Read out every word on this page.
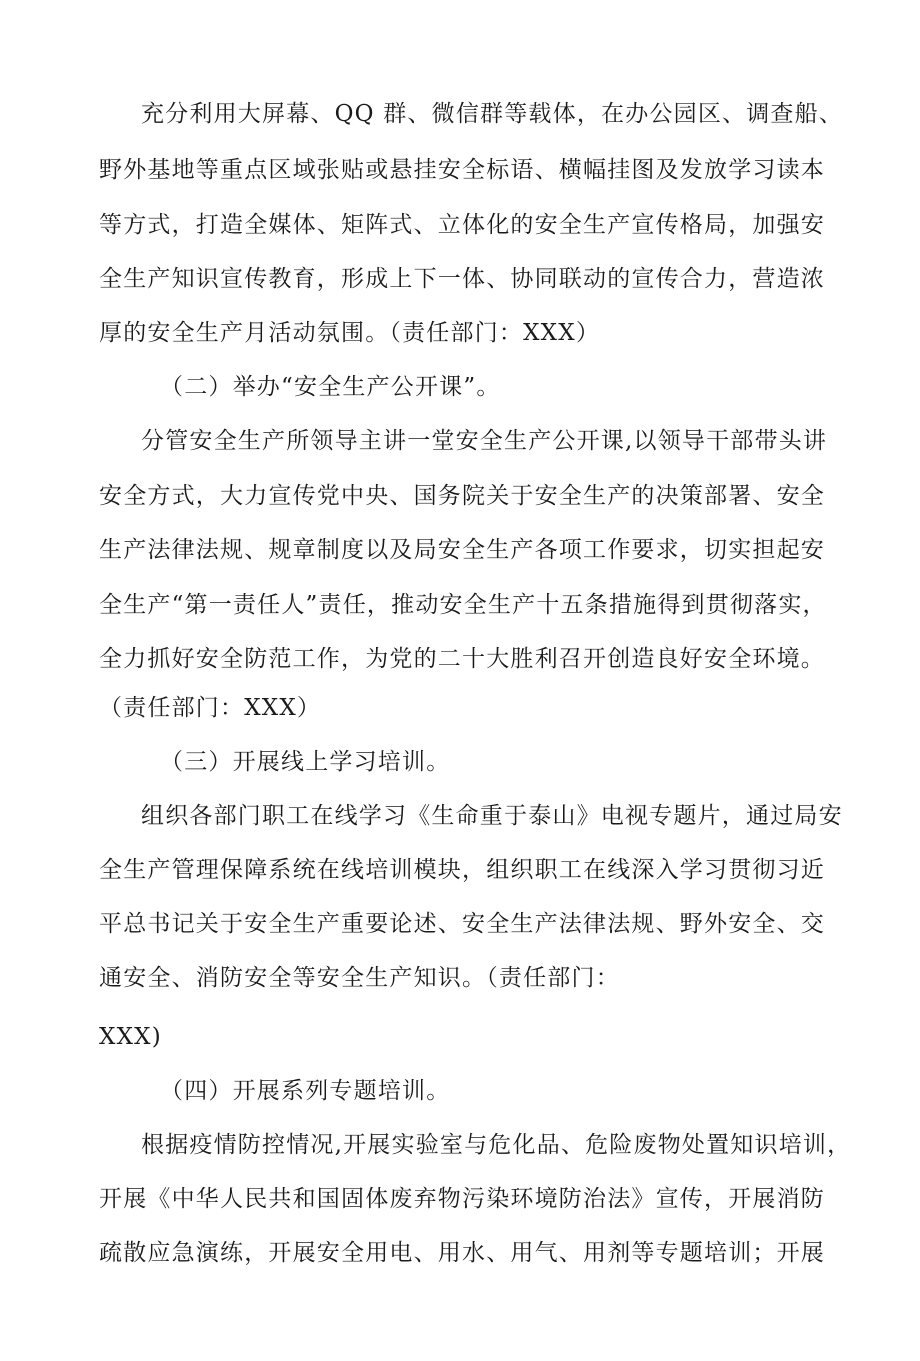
充分利用大屏幕、QQ 群、微信群等载体，在办公园区、调查船、
野外基地等重点区域张贴或悬挂安全标语、横幅挂图及发放学习读本
等方式，打造全媒体、矩阵式、立体化的安全生产宣传格局，加强安
全生产知识宣传教育，形成上下一体、协同联动的宣传合力，营造浓
厚的安全生产月活动氛围。（责任部门：XXX）
（二）举办“安全生产公开课”。
分管安全生产所领导主讲一堂安全生产公开课,以领导干部带头讲
安全方式，大力宣传党中央、国务院关于安全生产的决策部署、安全
生产法律法规、规章制度以及局安全生产各项工作要求，切实担起安
全生产“第一责任人”责任，推动安全生产十五条措施得到贯彻落实，
全力抓好安全防范工作，为党的二十大胜利召开创造良好安全环境。
（责任部门：XXX）
（三）开展线上学习培训。
组织各部门职工在线学习《生命重于泰山》电视专题片，通过局安
全生产管理保障系统在线培训模块，组织职工在线深入学习贯彻习近
平总书记关于安全生产重要论述、安全生产法律法规、野外安全、交
通安全、消防安全等安全生产知识。（责任部门：
XXX)
（四）开展系列专题培训。
根据疫情防控情况,开展实验室与危化品、危险废物处置知识培训，
开展《中华人民共和国固体废弃物污染环境防治法》宣传，开展消防
疏散应急演练，开展安全用电、用水、用气、用剂等专题培训；开展
